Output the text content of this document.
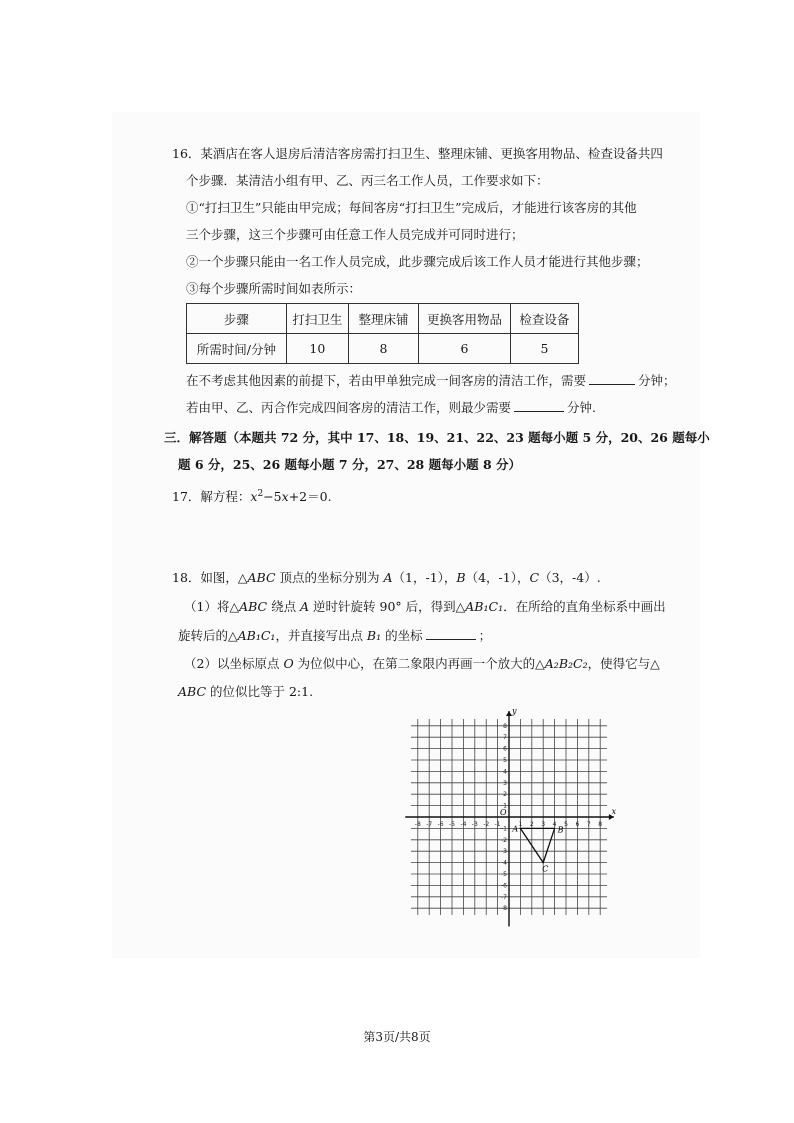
16．某酒店在客人退房后清洁客房需打扫卫生、整理床铺、更换客用物品、检查设备共四
个步骤．某清洁小组有甲、乙、丙三名工作人员，工作要求如下：
①“打扫卫生”只能由甲完成；每间客房“打扫卫生”完成后，才能进行该客房的其他
三个步骤，这三个步骤可由任意工作人员完成并可同时进行；
②一个步骤只能由一名工作人员完成，此步骤完成后该工作人员才能进行其他步骤；
③每个步骤所需时间如表所示：
步骤	打扫卫生	整理床铺	更换客用物品	检查设备
所需时间/分钟	10	8	6	5
在不考虑其他因素的前提下，若由甲单独完成一间客房的清洁工作，需要	分钟；
若由甲、乙、丙合作完成四间客房的清洁工作，则最少需要	分钟.
三．解答题（本题共 72 分，其中 17、18、19、21、22、23 题每小题 5 分，20、26 题每小
题 6 分，25、26 题每小题 7 分，27、28 题每小题 8 分）
17．解方程：$x^2-5x+2=0$.
18．如图，△ABC 顶点的坐标分别为 A（1，-1），B（4，-1），C（3，-4）.
（1）将△ABC 绕点 A 逆时针旋转 90° 后，得到△AB₁C₁．在所给的直角坐标系中画出
旋转后的△AB₁C₁，并直接写出点 B₁ 的坐标	；
（2）以坐标原点 O 为位似中心，在第二象限内再画一个放大的△A₂B₂C₂，使得它与△
ABC 的位似比等于 2:1.
x
y
O
-8 -7 -6 -5 -4 -3 -2 -1	1 2 3 4 5 6 7 8
8
7
6
5
4
3
2
1
-1
-2
-3
-4
-5
-6
-7
-8
A	B
C
第3页/共8页
